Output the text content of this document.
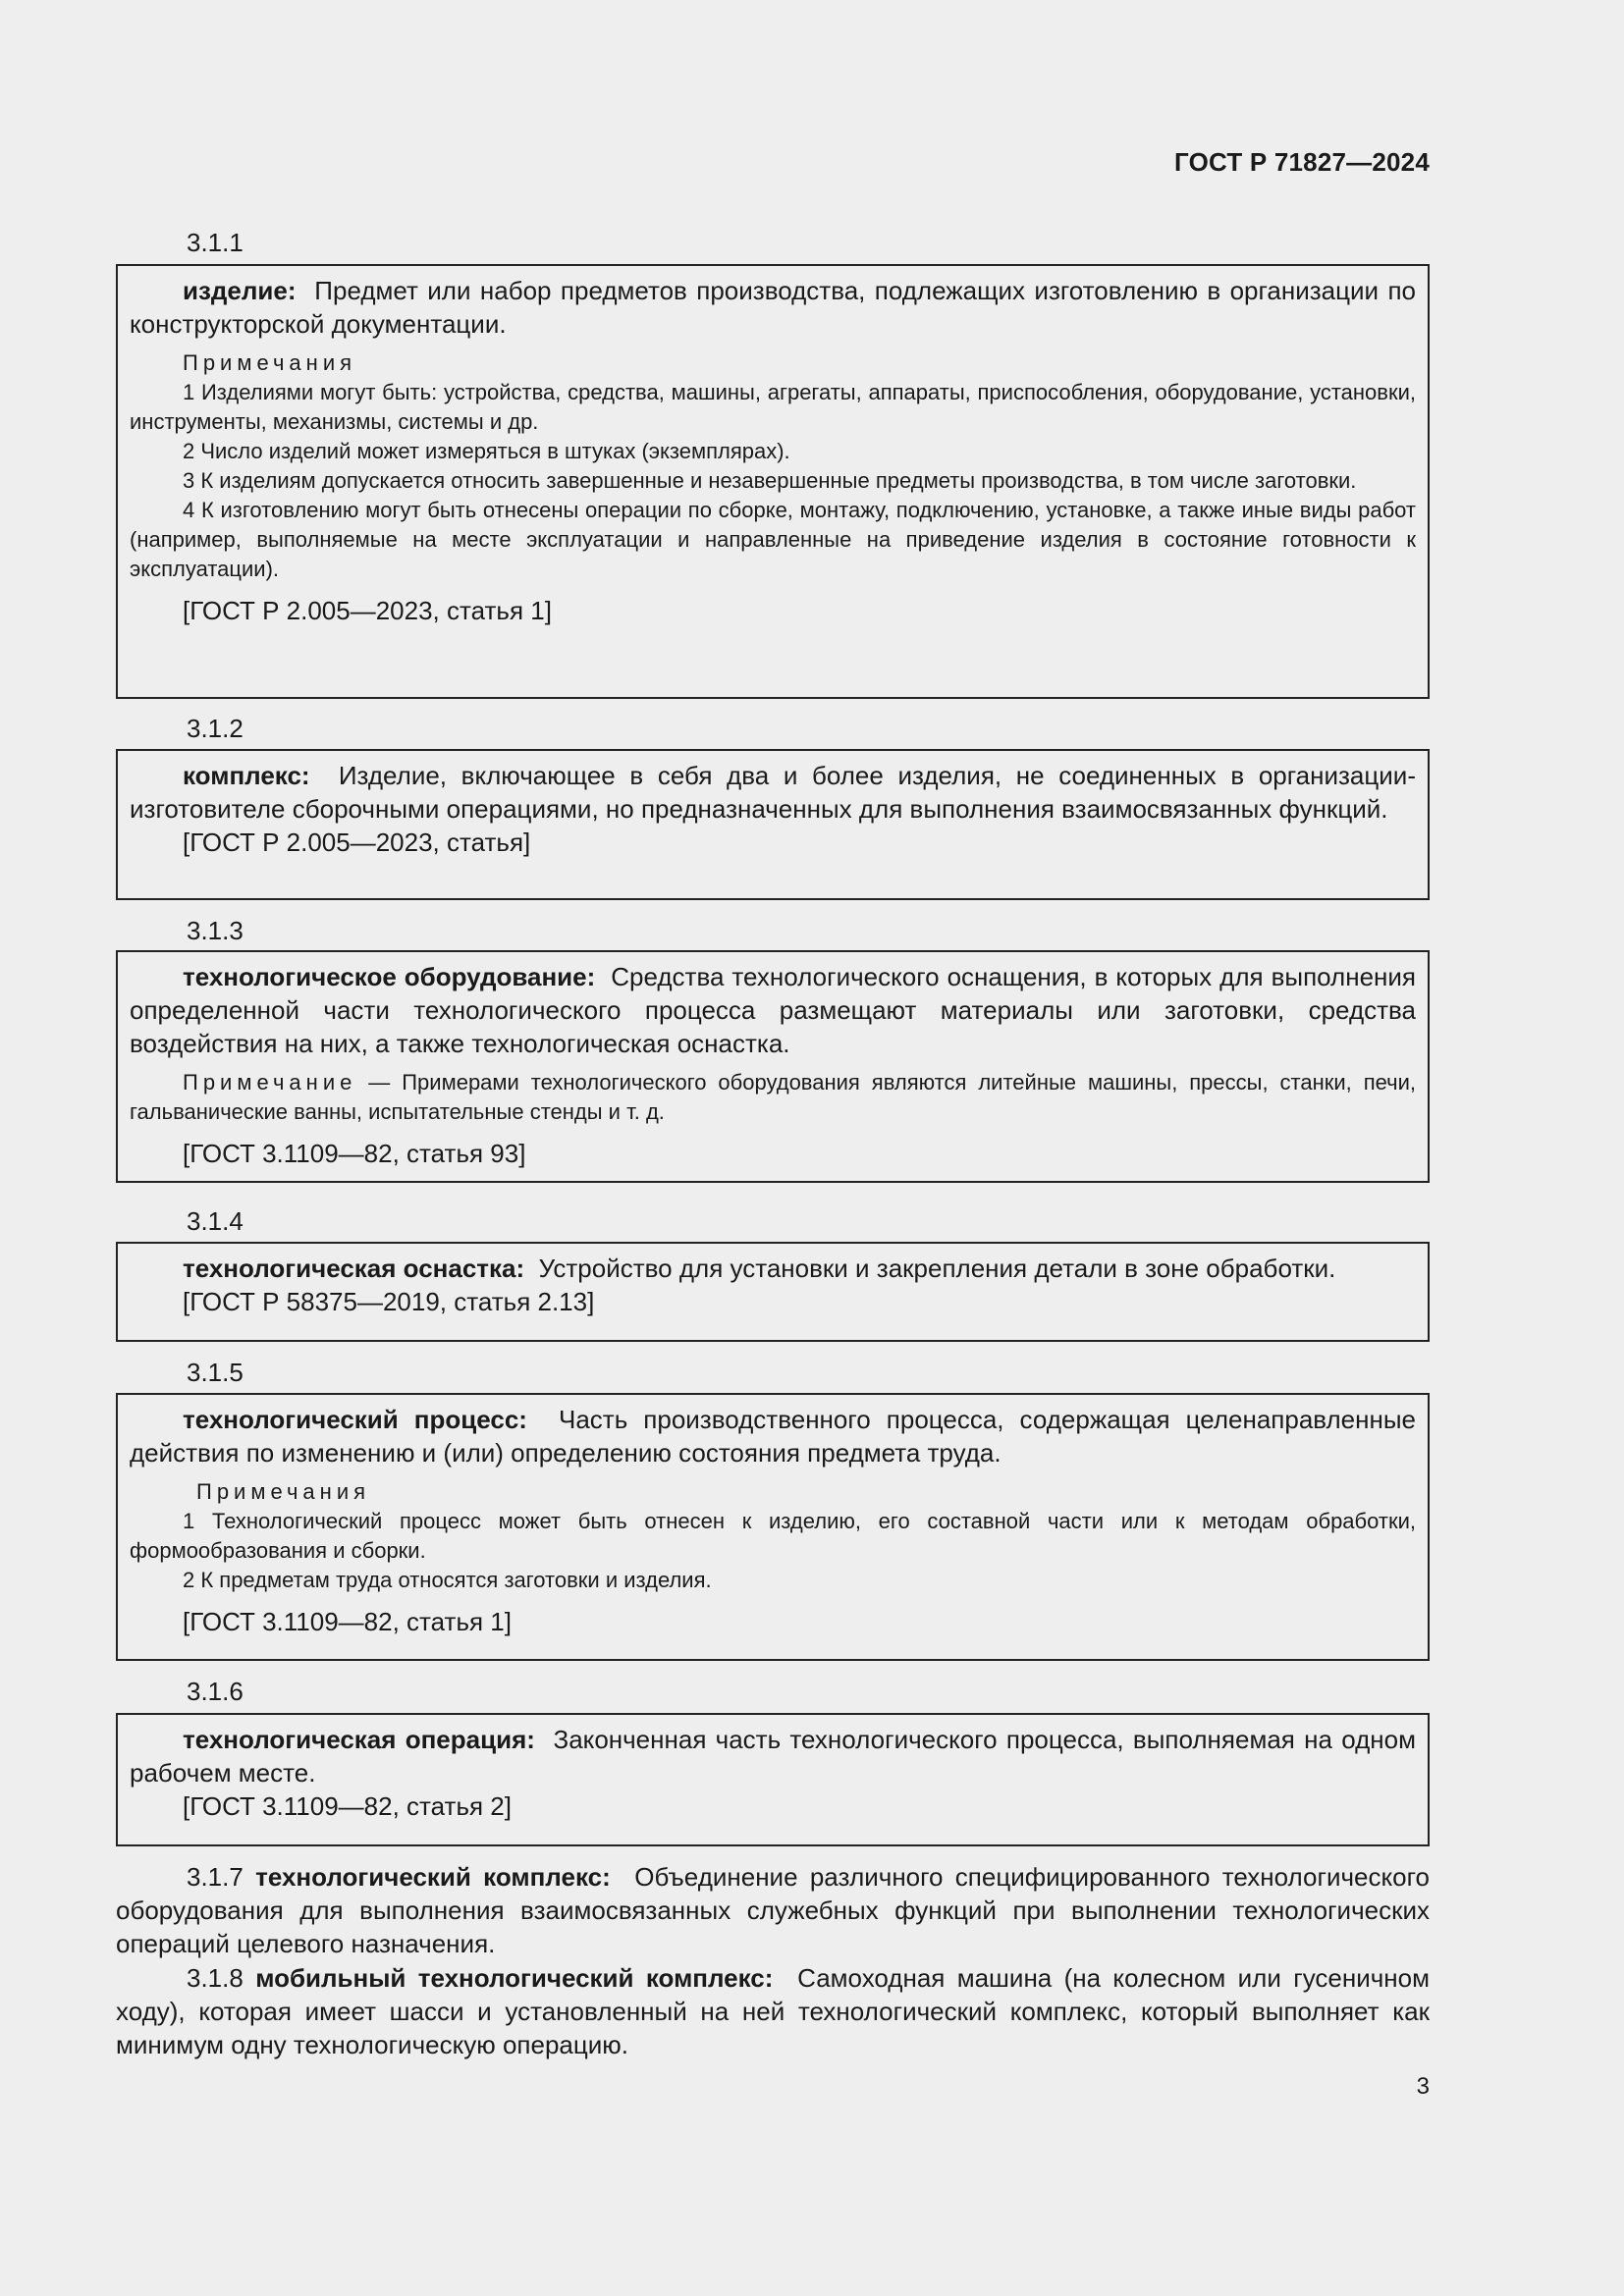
ГОСТ Р 71827—2024
3.1.1

изделие: Предмет или набор предметов производства, подлежащих изготовлению в организации по конструкторской документации.

Примечания

1 Изделиями могут быть: устройства, средства, машины, агрегаты, аппараты, приспособления, оборудование, установки, инструменты, механизмы, системы и др.

2 Число изделий может измеряться в штуках (экземплярах).

3 К изделиям допускается относить завершенные и незавершенные предметы производства, в том числе заготовки.

4 К изготовлению могут быть отнесены операции по сборке, монтажу, подключению, установке, а также иные виды работ (например, выполняемые на месте эксплуатации и направленные на приведение изделия в состояние готовности к эксплуатации).

[ГОСТ Р 2.005—2023, статья 1]

3.1.2

комплекс: Изделие, включающее в себя два и более изделия, не соединенных в организации-изготовителе сборочными операциями, но предназначенных для выполнения взаимосвязанных функций.

[ГОСТ Р 2.005—2023, статья]

3.1.3

технологическое оборудование: Средства технологического оснащения, в которых для выполнения определенной части технологического процесса размещают материалы или заготовки, средства воздействия на них, а также технологическая оснастка.

Примечание — Примерами технологического оборудования являются литейные машины, прессы, станки, печи, гальванические ванны, испытательные стенды и т. д.

[ГОСТ 3.1109—82, статья 93]

3.1.4

технологическая оснастка: Устройство для установки и закрепления детали в зоне обработки.

[ГОСТ Р 58375—2019, статья 2.13]

3.1.5

технологический процесс: Часть производственного процесса, содержащая целенаправленные действия по изменению и (или) определению состояния предмета труда.

Примечания

1 Технологический процесс может быть отнесен к изделию, его составной части или к методам обработки, формообразования и сборки.

2 К предметам труда относятся заготовки и изделия.

[ГОСТ 3.1109—82, статья 1]

3.1.6

технологическая операция: Законченная часть технологического процесса, выполняемая на одном рабочем месте.

[ГОСТ 3.1109—82, статья 2]

3.1.7 технологический комплекс: Объединение различного специфицированного технологического оборудования для выполнения взаимосвязанных служебных функций при выполнении технологических операций целевого назначения.

3.1.8 мобильный технологический комплекс: Самоходная машина (на колесном или гусеничном ходу), которая имеет шасси и установленный на ней технологический комплекс, который выполняет как минимум одну технологическую операцию.

3
